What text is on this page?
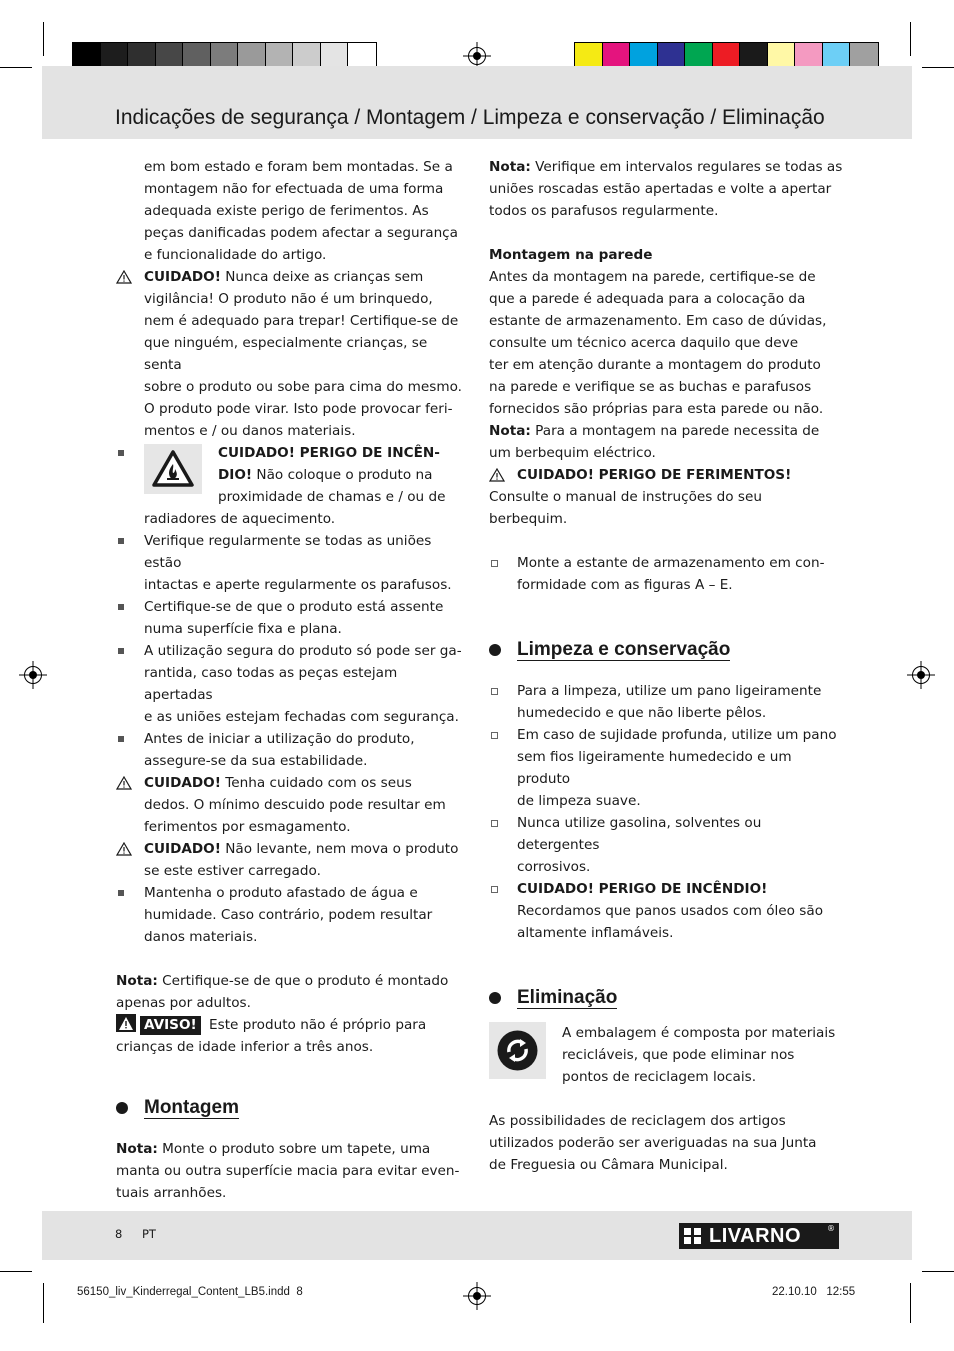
Indicações de segurança / Montagem / Limpeza e conservação / Eliminação

em bom estado e foram bem montadas. Se a

montagem não for efectuada de uma forma

adequada existe perigo de ferimentos. As

peças danificadas podem afectar a segurança

e funcionalidade do artigo.

CUIDADO! Nunca deixe as crianças sem

vigilância! O produto não é um brinquedo,

nem é adequado para trepar! Certifique-se de

que ninguém, especialmente crianças, se senta

sobre o produto ou sobe para cima do mesmo.

O produto pode virar. Isto pode provocar feri-

mentos e / ou danos materiais.

CUIDADO! PERIGO DE INCÊN-

DIO! Não coloque o produto na

proximidade de chamas e / ou de

radiadores de aquecimento.

Verifique regularmente se todas as uniões estão

intactas e aperte regularmente os parafusos.

Certifique-se de que o produto está assente

numa superfície fixa e plana.

A utilização segura do produto só pode ser ga-

rantida, caso todas as peças estejam apertadas

e as uniões estejam fechadas com segurança.

Antes de iniciar a utilização do produto,

assegure-se da sua estabilidade.

CUIDADO! Tenha cuidado com os seus

dedos. O mínimo descuido pode resultar em

ferimentos por esmagamento.

CUIDADO! Não levante, nem mova o produto

se este estiver carregado.

Mantenha o produto afastado de água e

humidade. Caso contrário, podem resultar

danos materiais.

Nota: Certifique-se de que o produto é montado

apenas por adultos.

AVISO! Este produto não é próprio para

crianças de idade inferior a três anos.

Montagem

Nota: Monte o produto sobre um tapete, uma

manta ou outra superfície macia para evitar even-

tuais arranhões.

Nota: Verifique em intervalos regulares se todas as

uniões roscadas estão apertadas e volte a apertar

todos os parafusos regularmente.

Montagem na parede

Antes da montagem na parede, certifique-se de

que a parede é adequada para a colocação da

estante de armazenamento. Em caso de dúvidas,

consulte um técnico acerca daquilo que deve

ter em atenção durante a montagem do produto

na parede e verifique se as buchas e parafusos

fornecidos são próprias para esta parede ou não.

Nota: Para a montagem na parede necessita de

um berbequim eléctrico.

CUIDADO! PERIGO DE FERIMENTOS!

Consulte o manual de instruções do seu berbequim.

Monte a estante de armazenamento em con-

formidade com as figuras A – E.

Limpeza e conservação

Para a limpeza, utilize um pano ligeiramente

humedecido e que não liberte pêlos.

Em caso de sujidade profunda, utilize um pano

sem fios ligeiramente humedecido e um produto

de limpeza suave.

Nunca utilize gasolina, solventes ou detergentes

corrosivos.

CUIDADO! PERIGO DE INCÊNDIO!

Recordamos que panos usados com óleo são

altamente inflamáveis.

Eliminação

A embalagem é composta por materiais

recicláveis, que pode eliminar nos

pontos de reciclagem locais.

As possibilidades de reciclagem dos artigos

utilizados poderão ser averiguadas na sua Junta

de Freguesia ou Câmara Municipal.

8 PT	LIVARNO	®
56150_liv_Kinderregal_Content_LB5.indd 8	22.10.10 12:55
